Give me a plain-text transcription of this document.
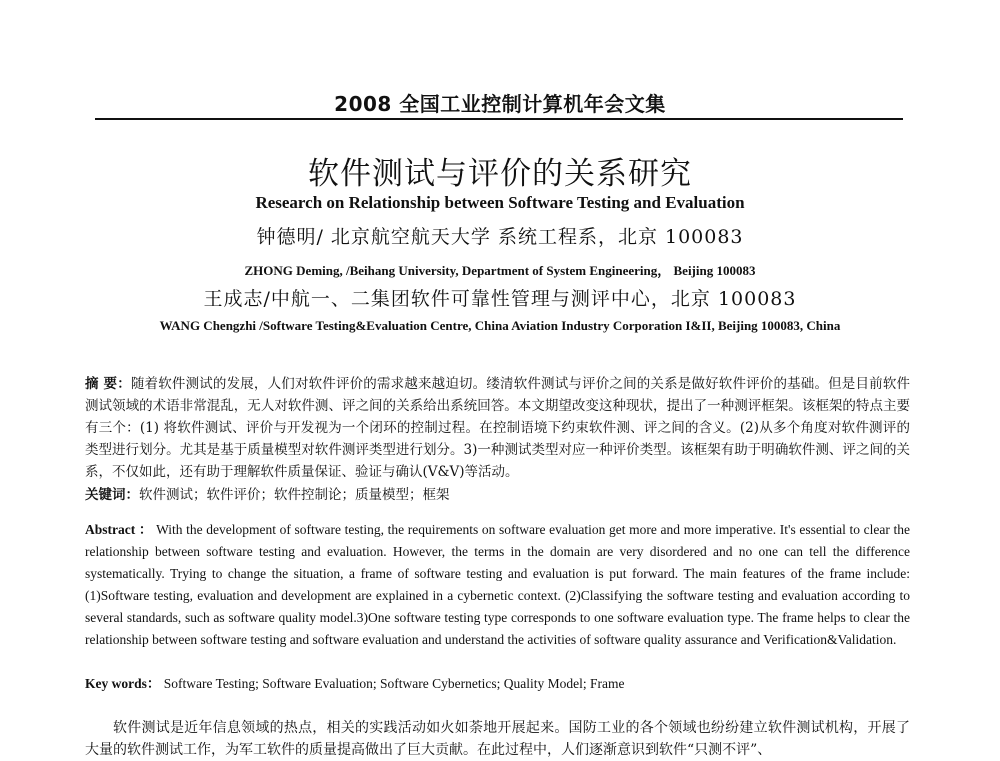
2008 全国工业控制计算机年会文集
软件测试与评价的关系研究
Research on Relationship between Software Testing and Evaluation
钟德明/ 北京航空航天大学 系统工程系，北京 100083
ZHONG Deming, /Beihang University, Department of System Engineering， Beijing 100083
王成志/中航一、二集团软件可靠性管理与测评中心，北京 100083
WANG Chengzhi /Software Testing&Evaluation Centre, China Aviation Industry Corporation I&II, Beijing 100083, China
摘 要：随着软件测试的发展，人们对软件评价的需求越来越迫切。缕清软件测试与评价之间的关系是做好软件评价的基础。但是目前软件测试领域的术语非常混乱，无人对软件测、评之间的关系给出系统回答。本文期望改变这种现状，提出了一种测评框架。该框架的特点主要有三个：(1) 将软件测试、评价与开发视为一个闭环的控制过程。在控制语境下约束软件测、评之间的含义。(2)从多个角度对软件测评的类型进行划分。尤其是基于质量模型对软件测评类型进行划分。3)一种测试类型对应一种评价类型。该框架有助于明确软件测、评之间的关系，不仅如此，还有助于理解软件质量保证、验证与确认(V&V)等活动。
关键词：软件测试；软件评价；软件控制论；质量模型；框架
Abstract ： With the development of software testing, the requirements on software evaluation get more and more imperative. It's essential to clear the relationship between software testing and evaluation. However, the terms in the domain are very disordered and no one can tell the difference systematically. Trying to change the situation, a frame of software testing and evaluation is put forward. The main features of the frame include: (1)Software testing, evaluation and development are explained in a cybernetic context. (2)Classifying the software testing and evaluation according to several standards, such as software quality model.3)One software testing type corresponds to one software evaluation type. The frame helps to clear the relationship between software testing and software evaluation and understand the activities of software quality assurance and Verification&Validation.
Key words： Software Testing; Software Evaluation; Software Cybernetics; Quality Model; Frame
软件测试是近年信息领域的热点，相关的实践活动如火如荼地开展起来。国防工业的各个领域也纷纷建立软件测试机构，开展了大量的软件测试工作，为军工软件的质量提高做出了巨大贡献。在此过程中，人们逐渐意识到软件“只测不评”、
